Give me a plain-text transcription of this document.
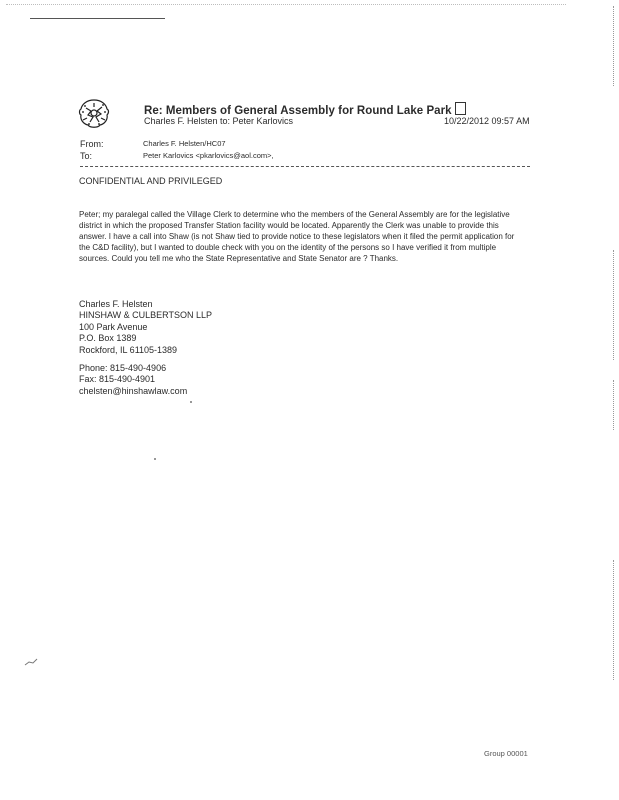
Re: Members of General Assembly for Round Lake Park
Charles F. Helsten to: Peter Karlovics	10/22/2012 09:57 AM
From:	Charles F. Helsten/HC07
To:	Peter Karlovics <pkarlovics@aol.com>,
CONFIDENTIAL AND PRIVILEGED
Peter; my paralegal called the Village Clerk to determine who the members of the General Assembly are for the legislative district in which the proposed Transfer Station facility would be located. Apparently the Clerk was unable to provide this answer. I have a call into Shaw (is not Shaw tied to provide notice to these legislators when it filed the permit application for the C&D facility), but I wanted to double check with you on the identity of the persons so I have verified it from multiple sources. Could you tell me who the State Representative and State Senator are ? Thanks.
Charles F. Helsten
HINSHAW & CULBERTSON LLP
100 Park Avenue
P.O. Box 1389
Rockford, IL 61105-1389
Phone: 815-490-4906
Fax: 815-490-4901
chelsten@hinshawlaw.com
Group 00001
